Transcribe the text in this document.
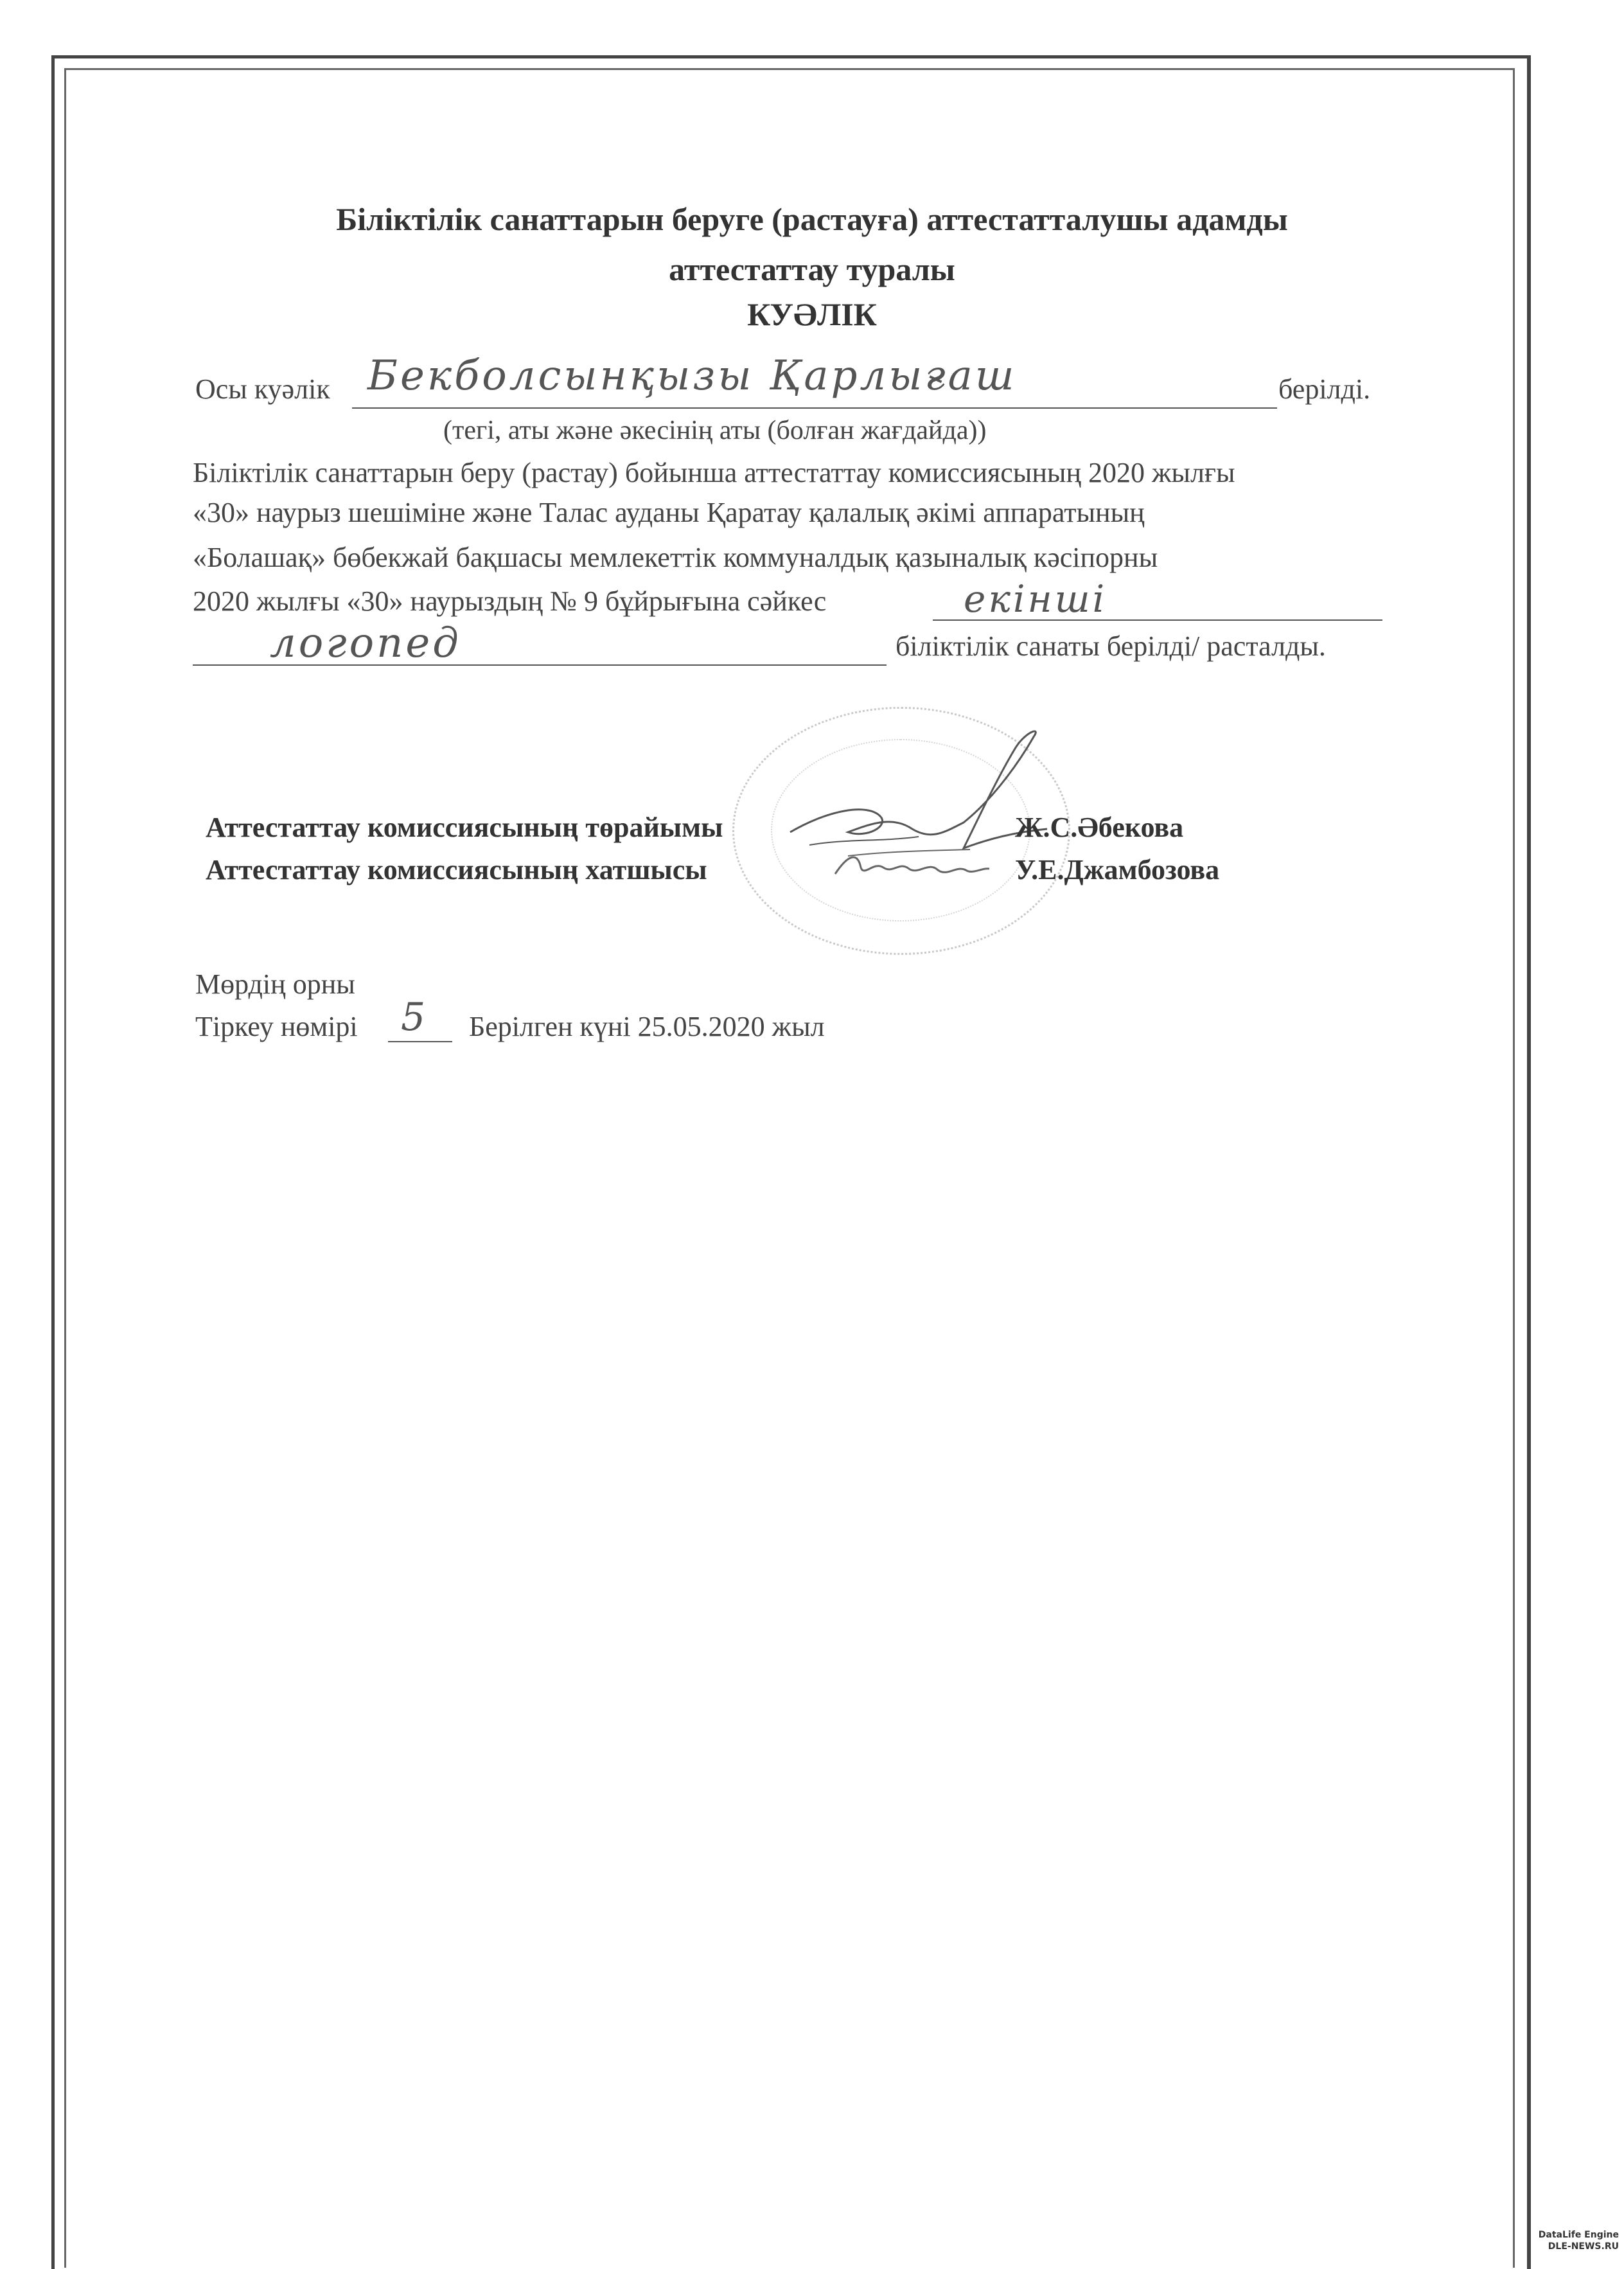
Біліктілік санаттарын беруге (растауға) аттестатталушы адамды
аттестаттау туралы
КУӘЛІК
Осы куәлік Бекболсынқызы Қарлығаш	берілді.
(тегі, аты және әкесінің аты (болған жағдайда))
Біліктілік санаттарын беру (растау) бойынша аттестаттау комиссиясының 2020 жылғы
«30» наурыз шешіміне және Талас ауданы Қаратау қалалық әкімі аппаратының
«Болашақ» бөбекжай бақшасы мемлекеттік коммуналдық қазыналық кәсіпорны
2020 жылғы «30» наурыздың № 9 бұйрығына сәйкес	екінші
логопед	біліктілік санаты берілді/ расталды.
Аттестаттау комиссиясының төрайымы	Ж.С.Әбекова
Аттестаттау комиссиясының хатшысы	У.Е.Джамбозова
Мөрдің орны
Тіркеу нөмірі 5 Берілген күні 25.05.2020 жыл
DataLife Engine
DLE-NEWS.RU
